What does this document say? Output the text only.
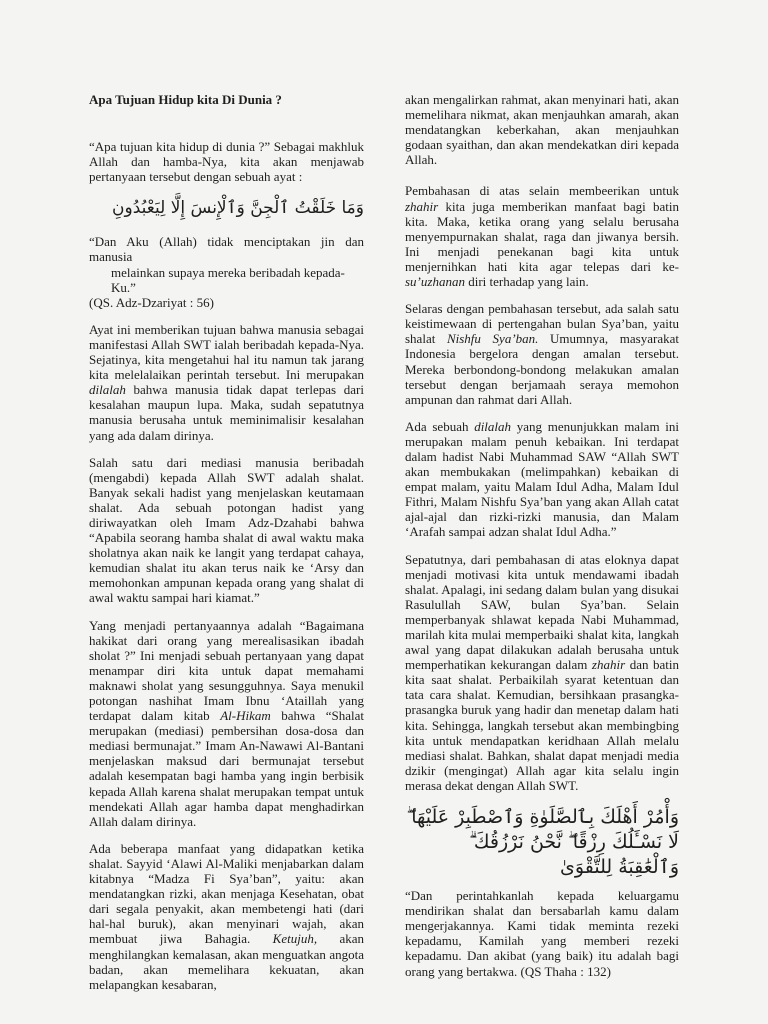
Apa Tujuan Hidup kita Di Dunia ?

“Apa tujuan kita hidup di dunia ?” Sebagai makhluk Allah dan hamba-Nya, kita akan menjawab pertanyaan tersebut dengan sebuah ayat :

وَمَا خَلَقْتُ ٱلْجِنَّ وَٱلْإِنسَ إِلَّا لِيَعْبُدُونِ

“Dan Aku (Allah) tidak menciptakan jin dan manusia
melainkan supaya mereka beribadah kepada-Ku.”
(QS. Adz-Dzariyat : 56)

Ayat ini memberikan tujuan bahwa manusia sebagai manifestasi Allah SWT ialah beribadah kepada-Nya. Sejatinya, kita mengetahui hal itu namun tak jarang kita melelalaikan perintah tersebut. Ini merupakan dilalah bahwa manusia tidak dapat terlepas dari kesalahan maupun lupa. Maka, sudah sepatutnya manusia berusaha untuk meminimalisir kesalahan yang ada dalam dirinya.

Salah satu dari mediasi manusia beribadah (mengabdi) kepada Allah SWT adalah shalat. Banyak sekali hadist yang menjelaskan keutamaan shalat. Ada sebuah potongan hadist yang diriwayatkan oleh Imam Adz-Dzahabi bahwa “Apabila seorang hamba shalat di awal waktu maka sholatnya akan naik ke langit yang terdapat cahaya, kemudian shalat itu akan terus naik ke ‘Arsy dan memohonkan ampunan kepada orang yang shalat di awal waktu sampai hari kiamat.”

Yang menjadi pertanyaannya adalah “Bagaimana hakikat dari orang yang merealisasikan ibadah sholat ?” Ini menjadi sebuah pertanyaan yang dapat menampar diri kita untuk dapat memahami maknawi sholat yang sesungguhnya. Saya menukil potongan nashihat Imam Ibnu ‘Ataillah yang terdapat dalam kitab Al-Hikam bahwa “Shalat merupakan (mediasi) pembersihan dosa-dosa dan mediasi bermunajat.” Imam An-Nawawi Al-Bantani menjelaskan maksud dari bermunajat tersebut adalah kesempatan bagi hamba yang ingin berbisik kepada Allah karena shalat merupakan tempat untuk mendekati Allah agar hamba dapat menghadirkan Allah dalam dirinya.

Ada beberapa manfaat yang didapatkan ketika shalat. Sayyid ‘Alawi Al-Maliki menjabarkan dalam kitabnya “Madza Fi Sya’ban”, yaitu: akan mendatangkan rizki, akan menjaga Kesehatan, obat dari segala penyakit, akan membetengi hati (dari hal-hal buruk), akan menyinari wajah, akan membuat jiwa Bahagia. Ketujuh, akan menghilangkan kemalasan, akan menguatkan angota badan, akan memelihara kekuatan, akan melapangkan kesabaran,

akan mengalirkan rahmat, akan menyinari hati, akan memelihara nikmat, akan menjauhkan amarah, akan mendatangkan keberkahan, akan menjauhkan godaan syaithan, dan akan mendekatkan diri kepada Allah.

Pembahasan di atas selain membeerikan untuk zhahir kita juga memberikan manfaat bagi batin kita. Maka, ketika orang yang selalu berusaha menyempurnakan shalat, raga dan jiwanya bersih. Ini menjadi penekanan bagi kita untuk menjernihkan hati kita agar telepas dari ke-su’uzhanan diri terhadap yang lain.

Selaras dengan pembahasan tersebut, ada salah satu keistimewaan di pertengahan bulan Sya’ban, yaitu shalat Nishfu Sya’ban. Umumnya, masyarakat Indonesia bergelora dengan amalan tersebut. Mereka berbondong-bondong melakukan amalan tersebut dengan berjamaah seraya memohon ampunan dan rahmat dari Allah.

Ada sebuah dilalah yang menunjukkan malam ini merupakan malam penuh kebaikan. Ini terdapat dalam hadist Nabi Muhammad SAW “Allah SWT akan membukakan (melimpahkan) kebaikan di empat malam, yaitu Malam Idul Adha, Malam Idul Fithri, Malam Nishfu Sya’ban yang akan Allah catat ajal-ajal dan rizki-rizki manusia, dan Malam ‘Arafah sampai adzan shalat Idul Adha.”

Sepatutnya, dari pembahasan di atas eloknya dapat menjadi motivasi kita untuk mendawami ibadah shalat. Apalagi, ini sedang dalam bulan yang disukai Rasulullah SAW, bulan Sya’ban. Selain memperbanyak shlawat kepada Nabi Muhammad, marilah kita mulai memperbaiki shalat kita, langkah awal yang dapat dilakukan adalah berusaha untuk memperhatikan kekurangan dalam zhahir dan batin kita saat shalat. Perbaikilah syarat ketentuan dan tata cara shalat. Kemudian, bersihkaan prasangka-prasangka buruk yang hadir dan menetap dalam hati kita. Sehingga, langkah tersebut akan membingbing kita untuk mendapatkan keridhaan Allah melalu mediasi shalat. Bahkan, shalat dapat menjadi media dzikir (mengingat) Allah agar kita selalu ingin merasa dekat dengan Allah SWT.

وَأْمُرْ أَهْلَكَ بِٱلصَّلَوٰةِ وَٱصْطَبِرْ عَلَيْهَا ۖ لَا نَسْـَٔلُكَ رِزْقًا ۖ نَّحْنُ نَرْزُقُكَ ۗ وَٱلْعَٰقِبَةُ لِلتَّقْوَىٰ

“Dan perintahkanlah kepada keluargamu mendirikan shalat dan bersabarlah kamu dalam mengerjakannya. Kami tidak meminta rezeki kepadamu, Kamilah yang memberi rezeki kepadamu. Dan akibat (yang baik) itu adalah bagi orang yang bertakwa. (QS Thaha : 132)
